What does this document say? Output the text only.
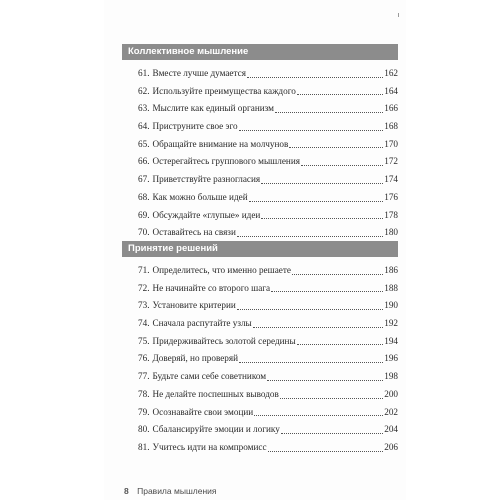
Коллективное мышление
61. Вместе лучше думается	162
62. Используйте преимущества каждого	164
63. Мыслите как единый организм	166
64. Приструните свое эго	168
65. Обращайте внимание на молчунов	170
66. Остерегайтесь группового мышления	172
67. Приветствуйте разногласия	174
68. Как можно больше идей	176
69. Обсуждайте «глупые» идеи	178
70. Оставайтесь на связи	180
Принятие решений
71. Определитесь, что именно решаете	186
72. Не начинайте со второго шага	188
73. Установите критерии	190
74. Сначала распутайте узлы	192
75. Придерживайтесь золотой середины	194
76. Доверяй, но проверяй	196
77. Будьте сами себе советником	198
78. Не делайте поспешных выводов	200
79. Осознавайте свои эмоции	202
80. Сбалансируйте эмоции и логику	204
81. Учитесь идти на компромисс	206
8 Правила мышления
